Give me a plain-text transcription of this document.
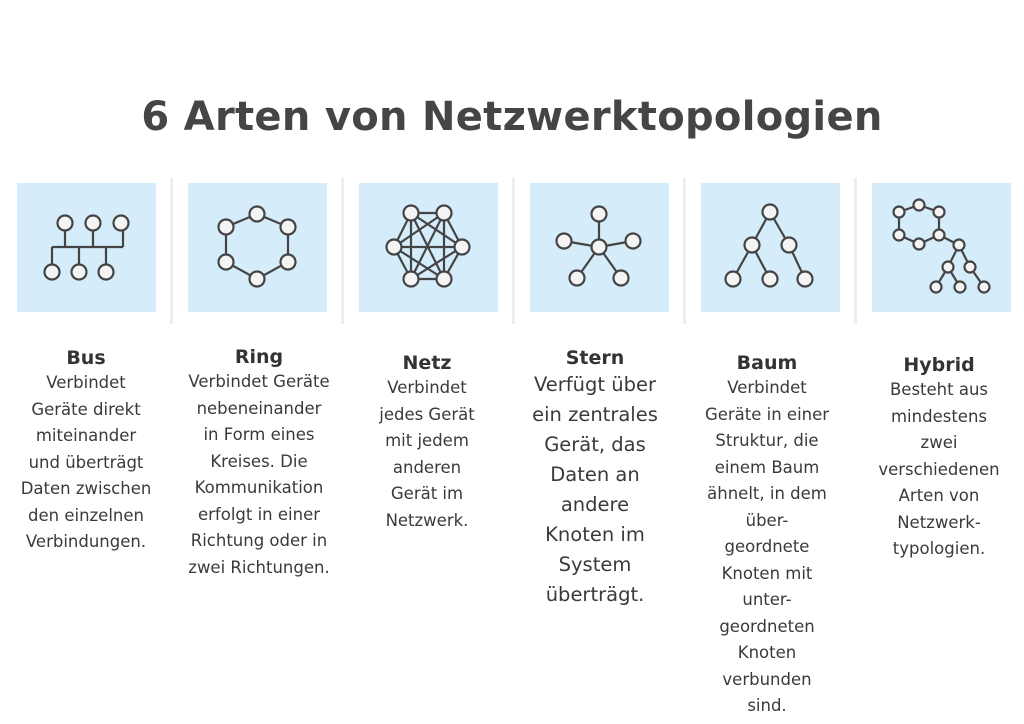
6 Arten von Netzwerktopologien
Bus
Verbindet
Geräte direkt
miteinander
und überträgt
Daten zwischen
den einzelnen
Verbindungen.
Ring
Verbindet Geräte
nebeneinander
in Form eines
Kreises. Die
Kommunikation
erfolgt in einer
Richtung oder in
zwei Richtungen.
Netz
Verbindet
jedes Gerät
mit jedem
anderen
Gerät im
Netzwerk.
Stern
Verfügt über
ein zentrales
Gerät, das
Daten an
andere
Knoten im
System
überträgt.
Baum
Verbindet
Geräte in einer
Struktur, die
einem Baum
ähnelt, in dem
über-
geordnete
Knoten mit
unter-
geordneten
Knoten
verbunden
sind.
Hybrid
Besteht aus
mindestens
zwei
verschiedenen
Arten von
Netzwerk-
typologien.
